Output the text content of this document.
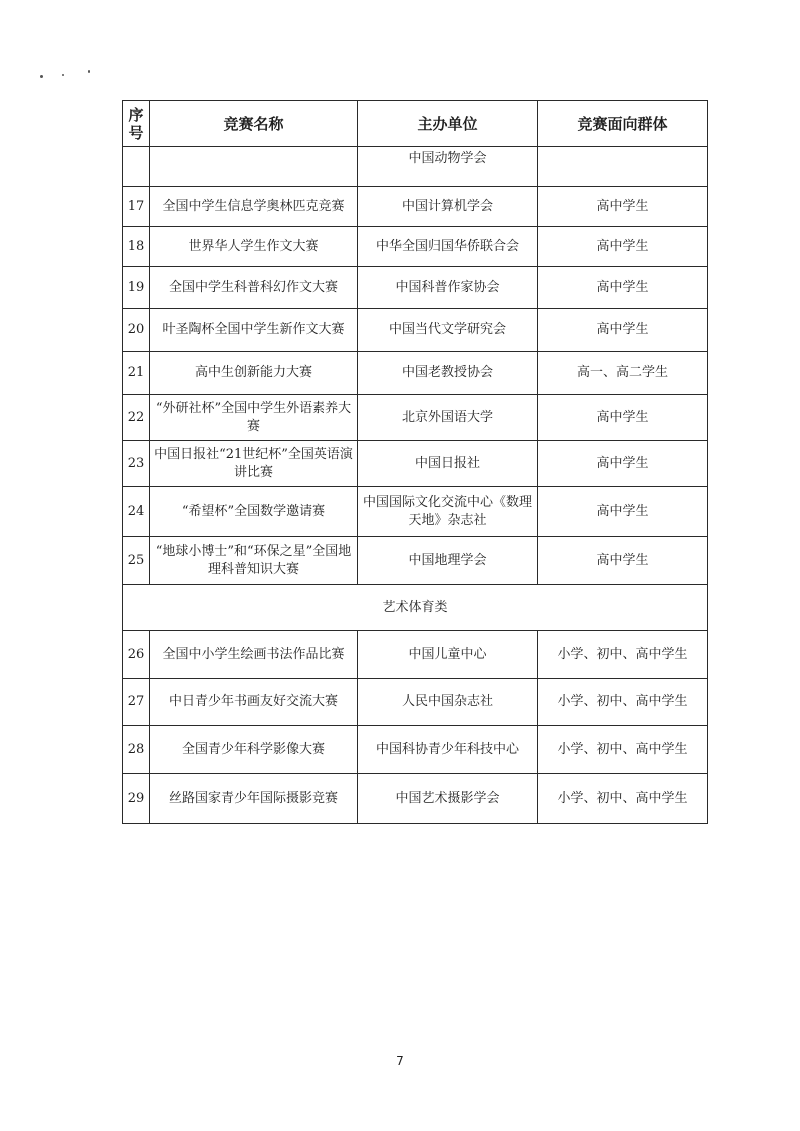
序号	竞赛名称	主办单位	竞赛面向群体
		中国动物学会	
17	全国中学生信息学奥林匹克竞赛	中国计算机学会	高中学生
18	世界华人学生作文大赛	中华全国归国华侨联合会	高中学生
19	全国中学生科普科幻作文大赛	中国科普作家协会	高中学生
20	叶圣陶杯全国中学生新作文大赛	中国当代文学研究会	高中学生
21	高中生创新能力大赛	中国老教授协会	高一、高二学生
22	“外研社杯”全国中学生外语素养大赛	北京外国语大学	高中学生
23	中国日报社“21世纪杯”全国英语演讲比赛	中国日报社	高中学生
24	“希望杯”全国数学邀请赛	中国国际文化交流中心《数理天地》杂志社	高中学生
25	“地球小博士”和“环保之星”全国地理科普知识大赛	中国地理学会	高中学生
艺术体育类			
26	全国中小学生绘画书法作品比赛	中国儿童中心	小学、初中、高中学生
27	中日青少年书画友好交流大赛	人民中国杂志社	小学、初中、高中学生
28	全国青少年科学影像大赛	中国科协青少年科技中心	小学、初中、高中学生
29	丝路国家青少年国际摄影竞赛	中国艺术摄影学会	小学、初中、高中学生
7
